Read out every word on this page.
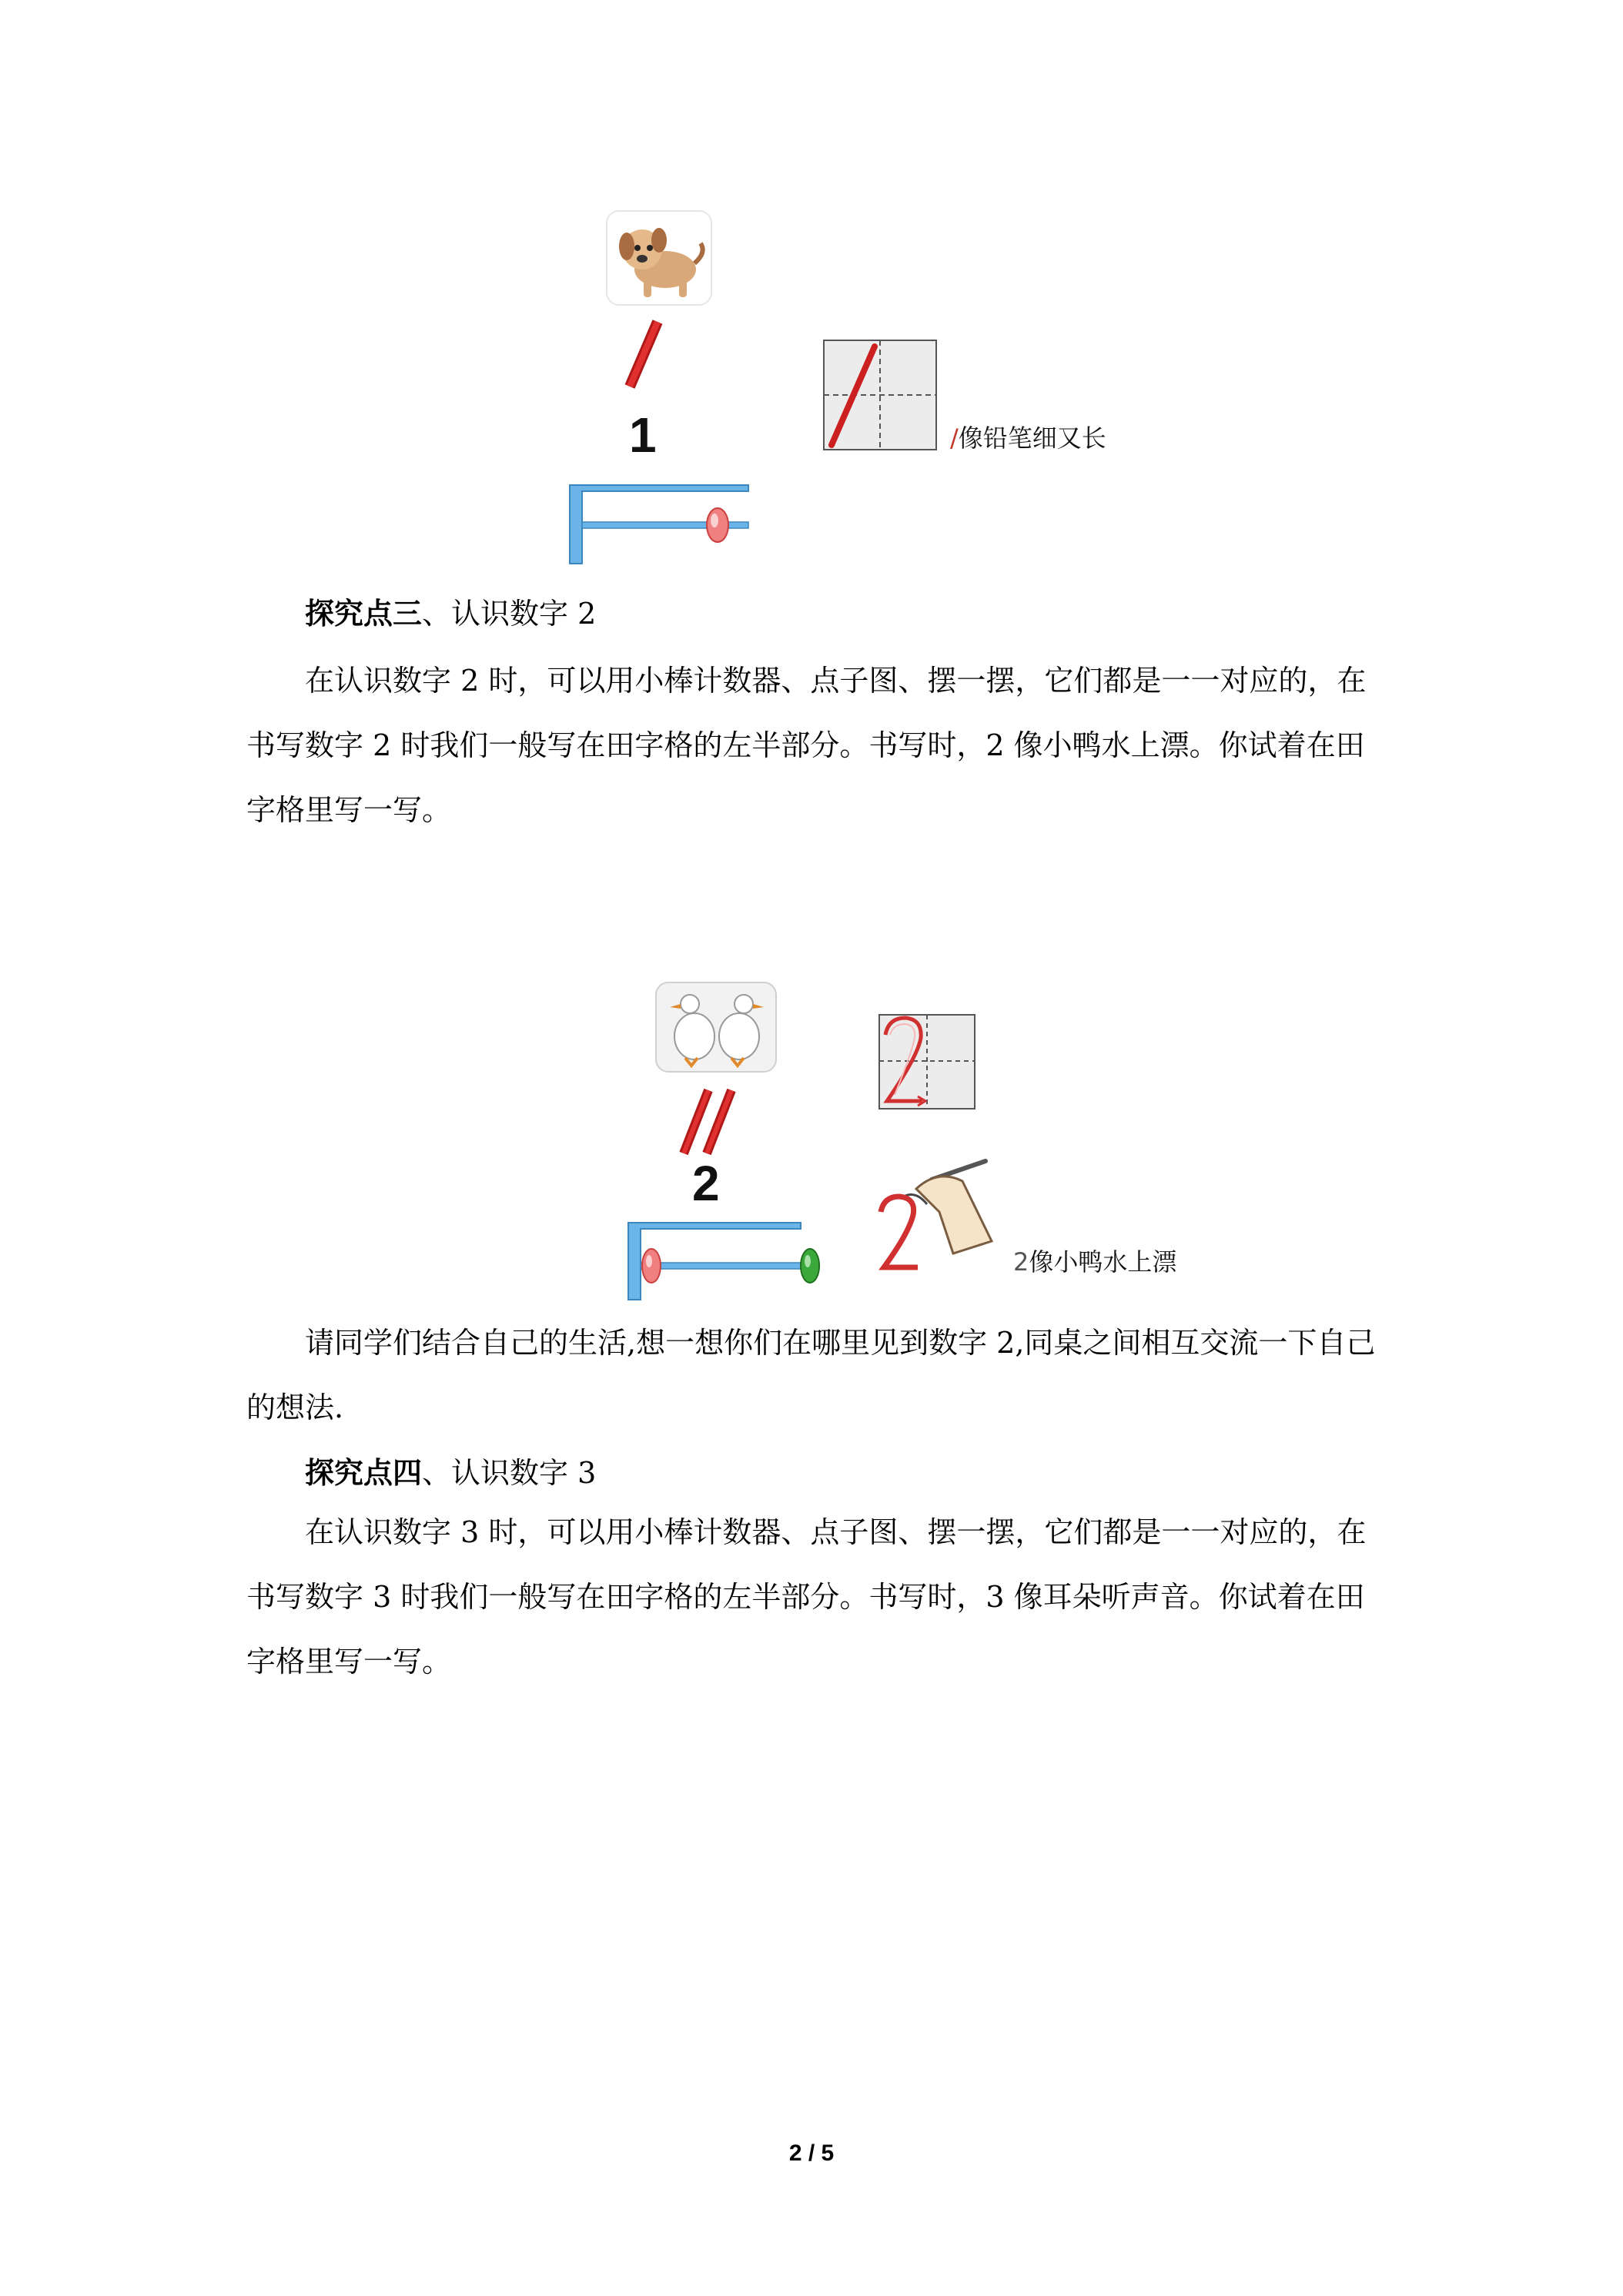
1	/像铅笔细又长
探究点三、认识数字 2
在认识数字 2 时，可以用小棒计数器、点子图、摆一摆，它们都是一一对应的，在书写数字 2 时我们一般写在田字格的左半部分。书写时，2 像小鸭水上漂。你试着在田字格里写一写。
2
2像小鸭水上漂
请同学们结合自己的生活,想一想你们在哪里见到数字 2,同桌之间相互交流一下自己的想法.
探究点四、认识数字 3
在认识数字 3 时，可以用小棒计数器、点子图、摆一摆，它们都是一一对应的，在书写数字 3 时我们一般写在田字格的左半部分。书写时，3 像耳朵听声音。你试着在田字格里写一写。
2 / 5
